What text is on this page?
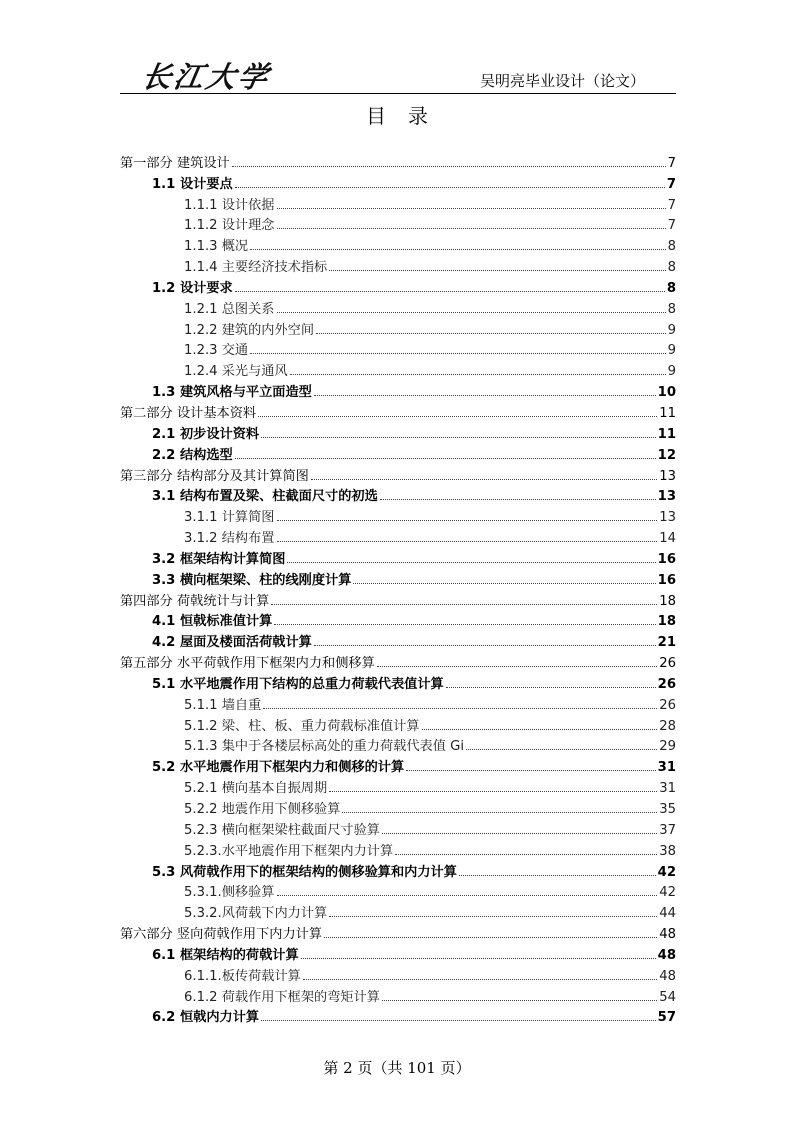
长江大学	吴明亮毕业设计（论文）
目录
第一部分 建筑设计	7
1.1 设计要点	7
1.1.1 设计依据	7
1.1.2 设计理念	7
1.1.3 概况	8
1.1.4 主要经济技术指标	8
1.2 设计要求	8
1.2.1 总图关系	8
1.2.2 建筑的内外空间	9
1.2.3 交通	9
1.2.4 采光与通风	9
1.3 建筑风格与平立面造型	10
第二部分 设计基本资料	11
2.1 初步设计资料	11
2.2 结构选型	12
第三部分 结构部分及其计算简图	13
3.1 结构布置及梁、柱截面尺寸的初选	13
3.1.1 计算简图	13
3.1.2 结构布置	14
3.2 框架结构计算简图	16
3.3 横向框架梁、柱的线刚度计算	16
第四部分 荷戟统计与计算	18
4.1 恒戟标准值计算	18
4.2 屋面及楼面活荷戟计算	21
第五部分 水平荷戟作用下框架内力和侧移算	26
5.1 水平地震作用下结构的总重力荷载代表值计算	26
5.1.1 墙自重	26
5.1.2 梁、柱、板、重力荷载标准值计算	28
5.1.3 集中于各楼层标高处的重力荷载代表值 Gi	29
5.2 水平地震作用下框架内力和侧移的计算	31
5.2.1 横向基本自振周期	31
5.2.2 地震作用下侧移验算	35
5.2.3 横向框架梁柱截面尺寸验算	37
5.2.3.水平地震作用下框架内力计算	38
5.3 风荷戟作用下的框架结构的侧移验算和内力计算	42
5.3.1.侧移验算	42
5.3.2.风荷载下内力计算	44
第六部分 竖向荷戟作用下内力计算	48
6.1 框架结构的荷戟计算	48
6.1.1.板传荷载计算	48
6.1.2 荷载作用下框架的弯矩计算	54
6.2 恒戟内力计算	57
第 2 页（共 101 页）
